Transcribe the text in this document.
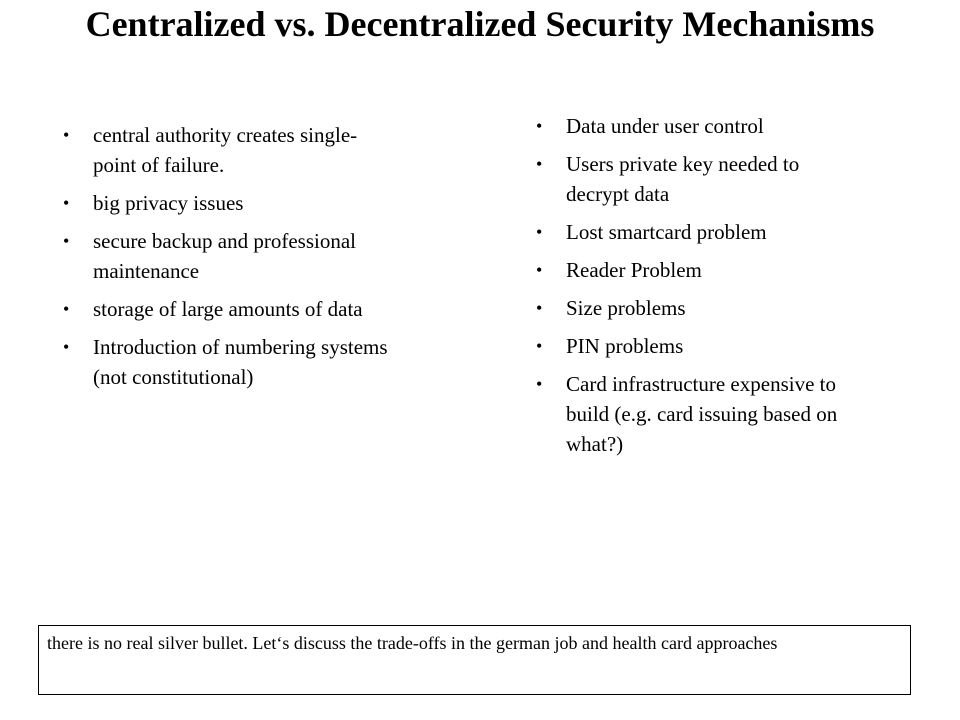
Centralized vs. Decentralized Security Mechanisms
• central authority creates single-point of failure.
• big privacy issues
• secure backup and professional maintenance
• storage of large amounts of data
• Introduction of numbering systems (not constitutional)
• Data under user control
• Users private key needed to decrypt data
• Lost smartcard problem
• Reader Problem
• Size problems
• PIN problems
• Card infrastructure expensive to build (e.g. card issuing based on what?)
there is no real silver bullet. Let‘s discuss the trade-offs in the german job and health card approaches
